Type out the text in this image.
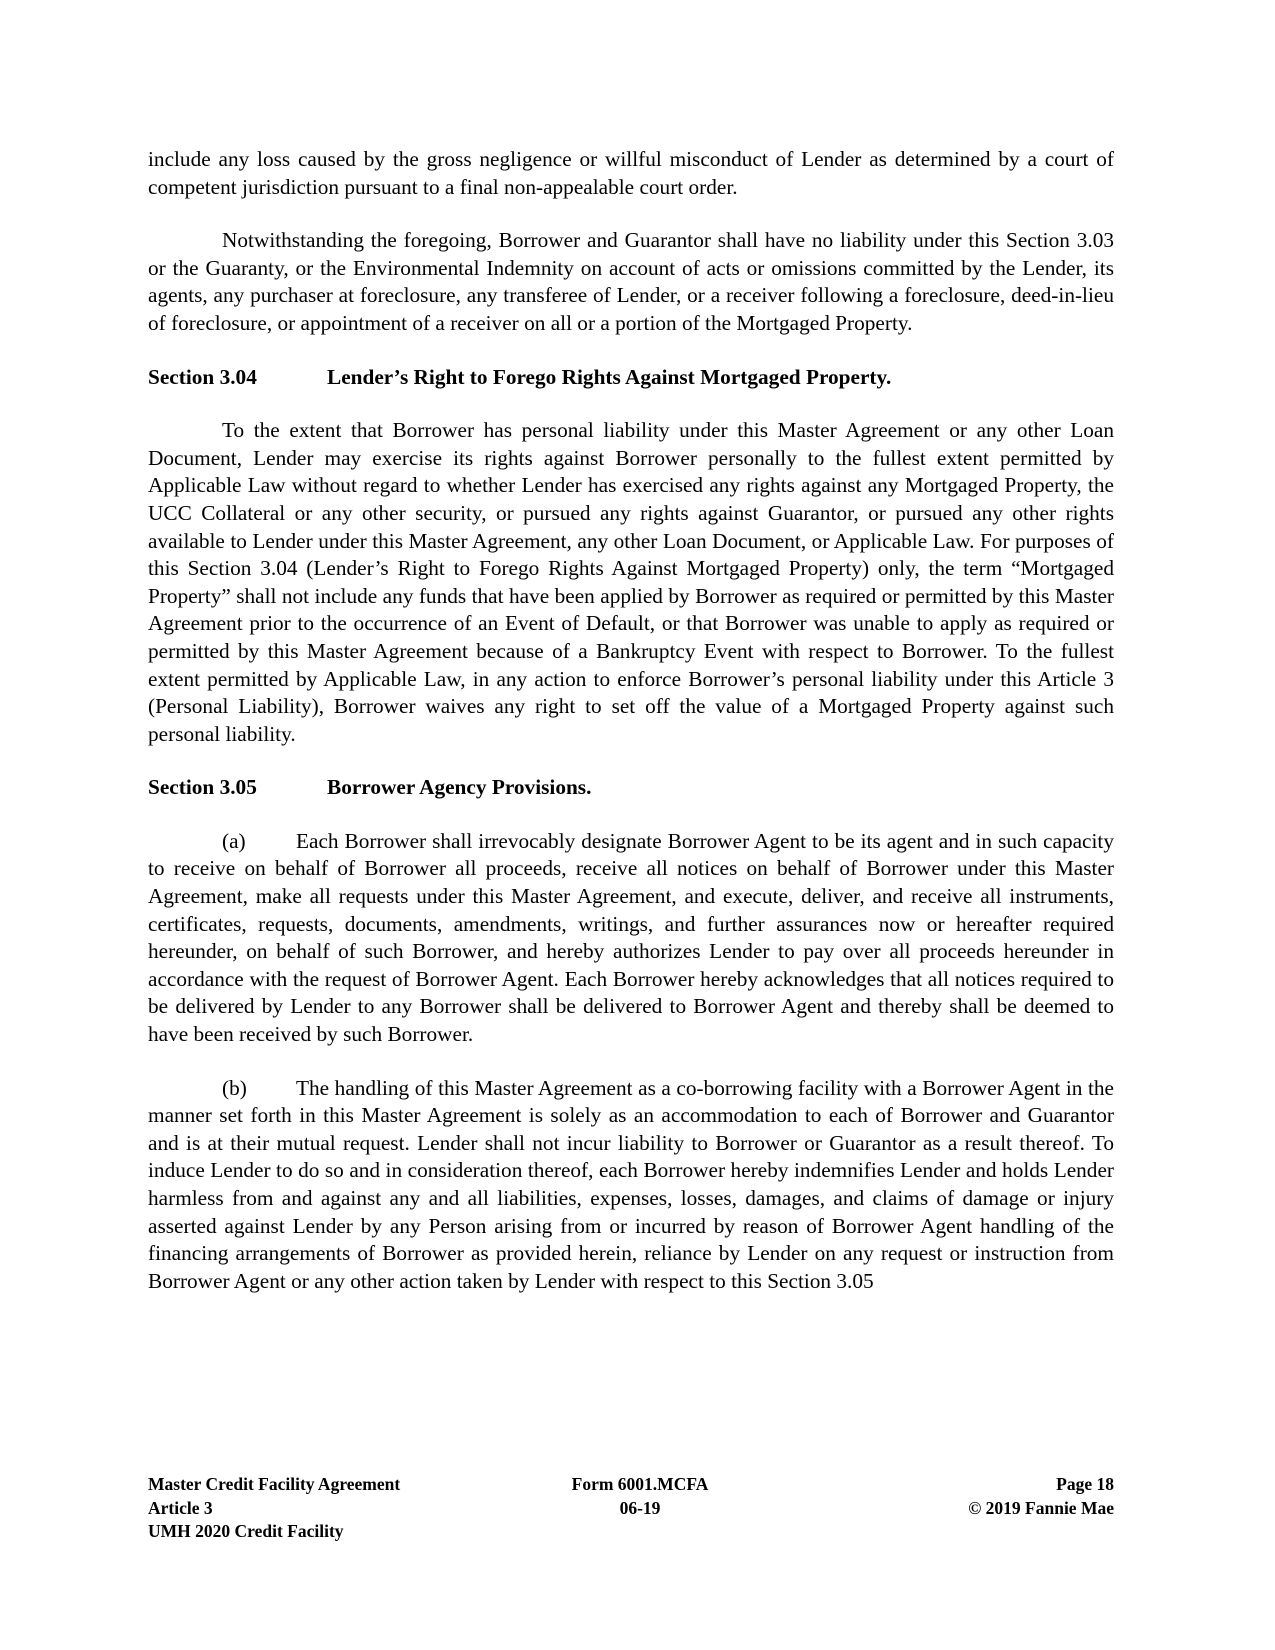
include any loss caused by the gross negligence or willful misconduct of Lender as determined by a court of competent jurisdiction pursuant to a final non-appealable court order.

Notwithstanding the foregoing, Borrower and Guarantor shall have no liability under this Section 3.03 or the Guaranty, or the Environmental Indemnity on account of acts or omissions committed by the Lender, its agents, any purchaser at foreclosure, any transferee of Lender, or a receiver following a foreclosure, deed-in-lieu of foreclosure, or appointment of a receiver on all or a portion of the Mortgaged Property.

Section 3.04	Lender’s Right to Forego Rights Against Mortgaged Property.

To the extent that Borrower has personal liability under this Master Agreement or any other Loan Document, Lender may exercise its rights against Borrower personally to the fullest extent permitted by Applicable Law without regard to whether Lender has exercised any rights against any Mortgaged Property, the UCC Collateral or any other security, or pursued any rights against Guarantor, or pursued any other rights available to Lender under this Master Agreement, any other Loan Document, or Applicable Law. For purposes of this Section 3.04 (Lender’s Right to Forego Rights Against Mortgaged Property) only, the term “Mortgaged Property” shall not include any funds that have been applied by Borrower as required or permitted by this Master Agreement prior to the occurrence of an Event of Default, or that Borrower was unable to apply as required or permitted by this Master Agreement because of a Bankruptcy Event with respect to Borrower. To the fullest extent permitted by Applicable Law, in any action to enforce Borrower’s personal liability under this Article 3 (Personal Liability), Borrower waives any right to set off the value of a Mortgaged Property against such personal liability.

Section 3.05	Borrower Agency Provisions.

(a) Each Borrower shall irrevocably designate Borrower Agent to be its agent and in such capacity to receive on behalf of Borrower all proceeds, receive all notices on behalf of Borrower under this Master Agreement, make all requests under this Master Agreement, and execute, deliver, and receive all instruments, certificates, requests, documents, amendments, writings, and further assurances now or hereafter required hereunder, on behalf of such Borrower, and hereby authorizes Lender to pay over all proceeds hereunder in accordance with the request of Borrower Agent. Each Borrower hereby acknowledges that all notices required to be delivered by Lender to any Borrower shall be delivered to Borrower Agent and thereby shall be deemed to have been received by such Borrower.

(b) The handling of this Master Agreement as a co-borrowing facility with a Borrower Agent in the manner set forth in this Master Agreement is solely as an accommodation to each of Borrower and Guarantor and is at their mutual request. Lender shall not incur liability to Borrower or Guarantor as a result thereof. To induce Lender to do so and in consideration thereof, each Borrower hereby indemnifies Lender and holds Lender harmless from and against any and all liabilities, expenses, losses, damages, and claims of damage or injury asserted against Lender by any Person arising from or incurred by reason of Borrower Agent handling of the financing arrangements of Borrower as provided herein, reliance by Lender on any request or instruction from Borrower Agent or any other action taken by Lender with respect to this Section 3.05

Master Credit Facility Agreement
Article 3
UMH 2020 Credit Facility
Form 6001.MCFA
06-19
Page 18
© 2019 Fannie Mae
